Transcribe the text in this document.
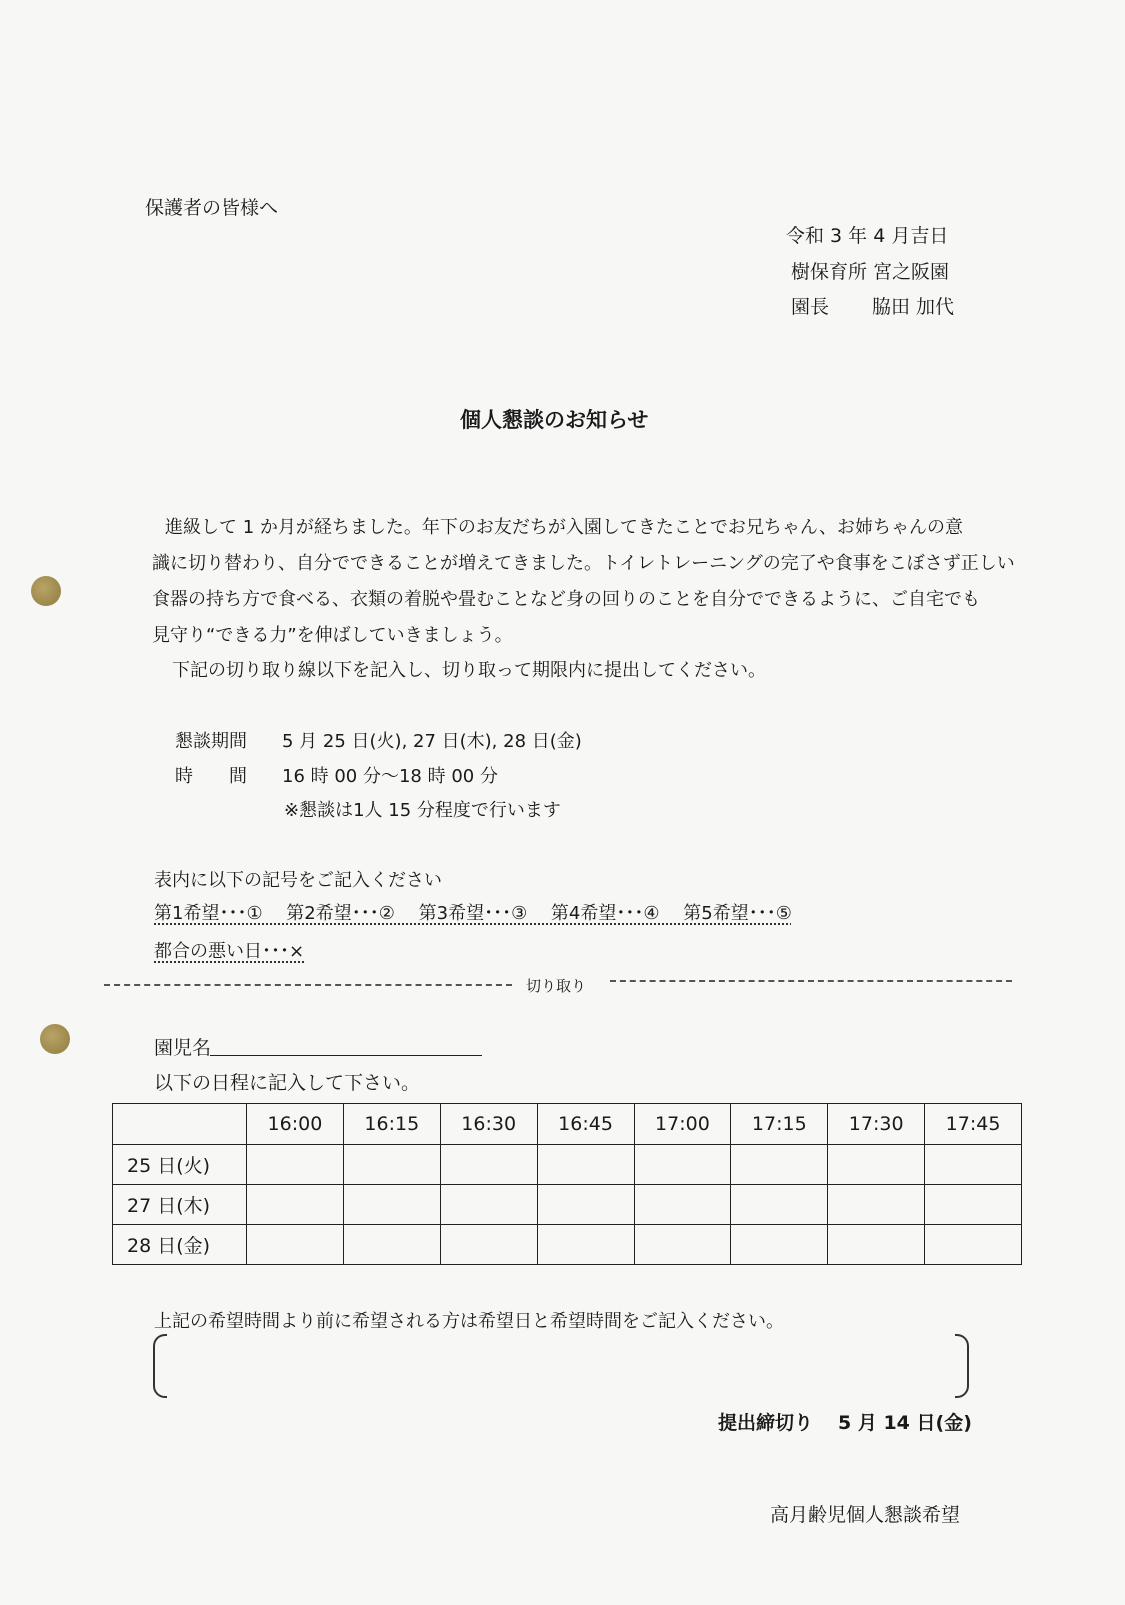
保護者の皆様へ
令和 3 年 4 月吉日
樹保育所 宮之阪園
園長 脇田 加代
個人懇談のお知らせ
進級して 1 か月が経ちました。年下のお友だちが入園してきたことでお兄ちゃん、お姉ちゃんの意
識に切り替わり、自分でできることが増えてきました。トイレトレーニングの完了や食事をこぼさず正しい
食器の持ち方で食べる、衣類の着脱や畳むことなど身の回りのことを自分でできるように、ご自宅でも
見守り“できる力”を伸ばしていきましょう。
下記の切り取り線以下を記入し、切り取って期限内に提出してください。
懇談期間 5 月 25 日(火), 27 日(木), 28 日(金)
時　　間 16 時 00 分～18 時 00 分
※懇談は1人 15 分程度で行います
表内に以下の記号をご記入ください
第1希望･･･①　 第2希望･･･②　 第3希望･･･③　 第4希望･･･④　 第5希望･･･⑤
都合の悪い日･･･×
切り取り
園児名
以下の日程に記入して下さい。
	16:00	16:15	16:30	16:45	17:00	17:15	17:30	17:45
25 日(火)								
27 日(木)								
28 日(金)								
上記の希望時間より前に希望される方は希望日と希望時間をご記入ください。
提出締切り 5 月 14 日(金)
高月齢児個人懇談希望
